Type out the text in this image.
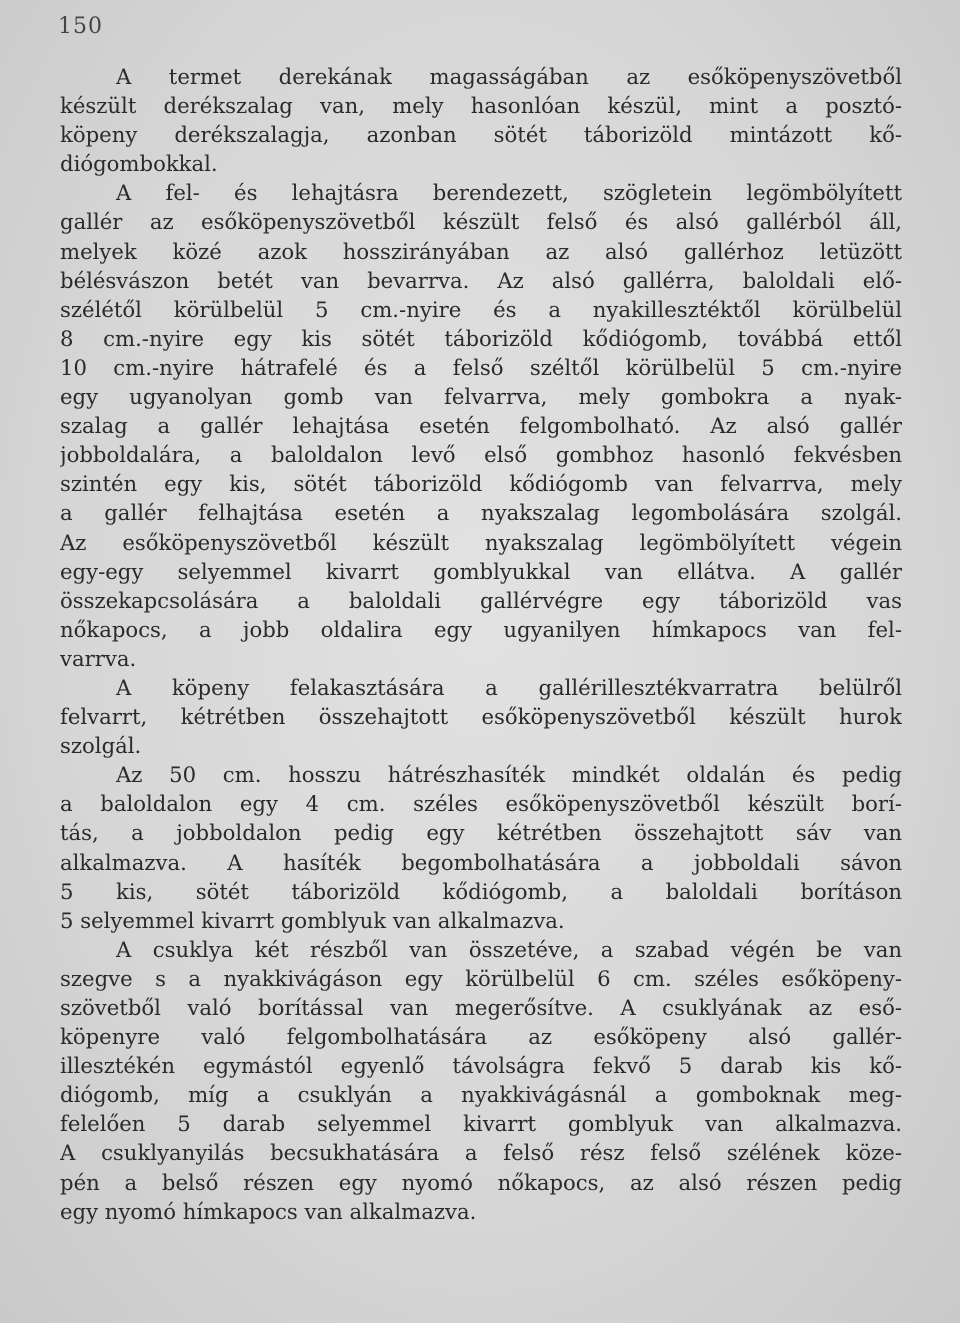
150
A termet derekának magasságában az esőköpenyszövetből
készült derékszalag van, mely hasonlóan készül, mint a posztó-
köpeny derékszalagja, azonban sötét táborizöld mintázott kő-
diógombokkal.
A fel- és lehajtásra berendezett, szögletein legömbölyített
gallér az esőköpenyszövetből készült felső és alsó gallérból áll,
melyek közé azok hosszirányában az alsó gallérhoz letüzött
bélésvászon betét van bevarrva. Az alsó gallérra, baloldali elő-
szélétől körülbelül 5 cm.-nyire és a nyakillesztéktől körülbelül
8 cm.-nyire egy kis sötét táborizöld kődiógomb, továbbá ettől
10 cm.-nyire hátrafelé és a felső széltől körülbelül 5 cm.-nyire
egy ugyanolyan gomb van felvarrva, mely gombokra a nyak-
szalag a gallér lehajtása esetén felgombolható. Az alsó gallér
jobboldalára, a baloldalon levő első gombhoz hasonló fekvésben
szintén egy kis, sötét táborizöld kődiógomb van felvarrva, mely
a gallér felhajtása esetén a nyakszalag legombolására szolgál.
Az esőköpenyszövetből készült nyakszalag legömbölyített végein
egy-egy selyemmel kivarrt gomblyukkal van ellátva. A gallér
összekapcsolására a baloldali gallérvégre egy táborizöld vas
nőkapocs, a jobb oldalira egy ugyanilyen hímkapocs van fel-
varrva.
A köpeny felakasztására a gallérillesztékvarratra belülről
felvarrt, kétrétben összehajtott esőköpenyszövetből készült hurok
szolgál.
Az 50 cm. hosszu hátrészhasíték mindkét oldalán és pedig
a baloldalon egy 4 cm. széles esőköpenyszövetből készült borí-
tás, a jobboldalon pedig egy kétrétben összehajtott sáv van
alkalmazva. A hasíték begombolhatására a jobboldali sávon
5 kis, sötét táborizöld kődiógomb, a baloldali borításon
5 selyemmel kivarrt gomblyuk van alkalmazva.
A csuklya két részből van összetéve, a szabad végén be van
szegve s a nyakkivágáson egy körülbelül 6 cm. széles esőköpeny-
szövetből való borítással van megerősítve. A csuklyának az eső-
köpenyre való felgombolhatására az esőköpeny alsó gallér-
illesztékén egymástól egyenlő távolságra fekvő 5 darab kis kő-
diógomb, míg a csuklyán a nyakkivágásnál a gomboknak meg-
felelően 5 darab selyemmel kivarrt gomblyuk van alkalmazva.
A csuklyanyilás becsukhatására a felső rész felső szélének köze-
pén a belső részen egy nyomó nőkapocs, az alsó részen pedig
egy nyomó hímkapocs van alkalmazva.
